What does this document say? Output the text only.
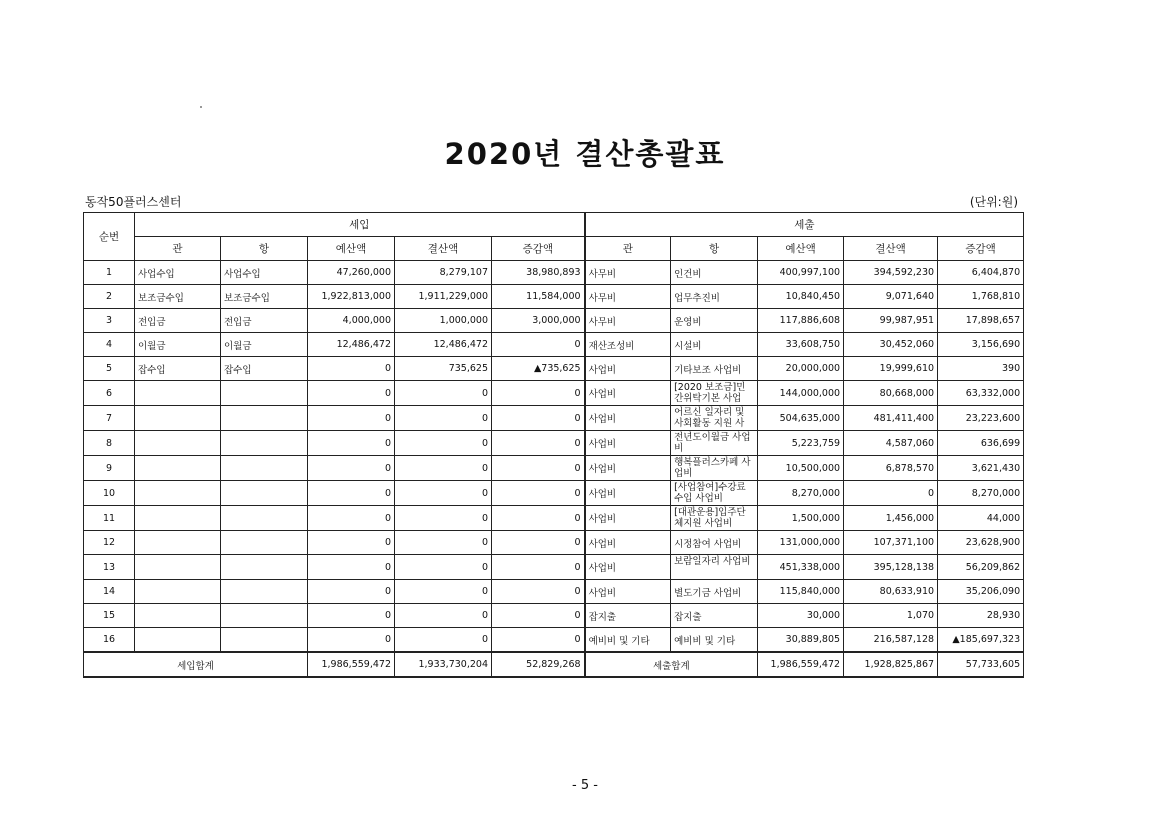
2020년 결산총괄표
동작50플러스센터	(단위:원)
순번	세입					세출				
	관	항	예산액	결산액	증감액	관	항	예산액	결산액	증감액
1	사업수입	사업수입	47,260,000	8,279,107	38,980,893	사무비	인건비	400,997,100	394,592,230	6,404,870
2	보조금수입	보조금수입	1,922,813,000	1,911,229,000	11,584,000	사무비	업무추진비	10,840,450	9,071,640	1,768,810
3	전입금	전입금	4,000,000	1,000,000	3,000,000	사무비	운영비	117,886,608	99,987,951	17,898,657
4	이월금	이월금	12,486,472	12,486,472	0	재산조성비	시설비	33,608,750	30,452,060	3,156,690
5	잡수입	잡수입	0	735,625	▲735,625	사업비	기타보조 사업비	20,000,000	19,999,610	390
6			0	0	0	사업비	[2020 보조금]민간위탁기본 사업	144,000,000	80,668,000	63,332,000
7			0	0	0	사업비	어르신 일자리 및 사회활동 지원 사	504,635,000	481,411,400	23,223,600
8			0	0	0	사업비	전년도이월금 사업비	5,223,759	4,587,060	636,699
9			0	0	0	사업비	행복플러스카페 사업비	10,500,000	6,878,570	3,621,430
10			0	0	0	사업비	[사업참여]수강료수입 사업비	8,270,000	0	8,270,000
11			0	0	0	사업비	[대관운용]입주단체지원 사업비	1,500,000	1,456,000	44,000
12			0	0	0	사업비	시정참여 사업비	131,000,000	107,371,100	23,628,900
13			0	0	0	사업비	보람일자리 사업비	451,338,000	395,128,138	56,209,862
14			0	0	0	사업비	별도기금 사업비	115,840,000	80,633,910	35,206,090
15			0	0	0	잡지출	잡지출	30,000	1,070	28,930
16			0	0	0	예비비 및 기타	예비비 및 기타	30,889,805	216,587,128	▲185,697,323
세입합계			1,986,559,472	1,933,730,204	52,829,268	세출합계		1,986,559,472	1,928,825,867	57,733,605
- 5 -
